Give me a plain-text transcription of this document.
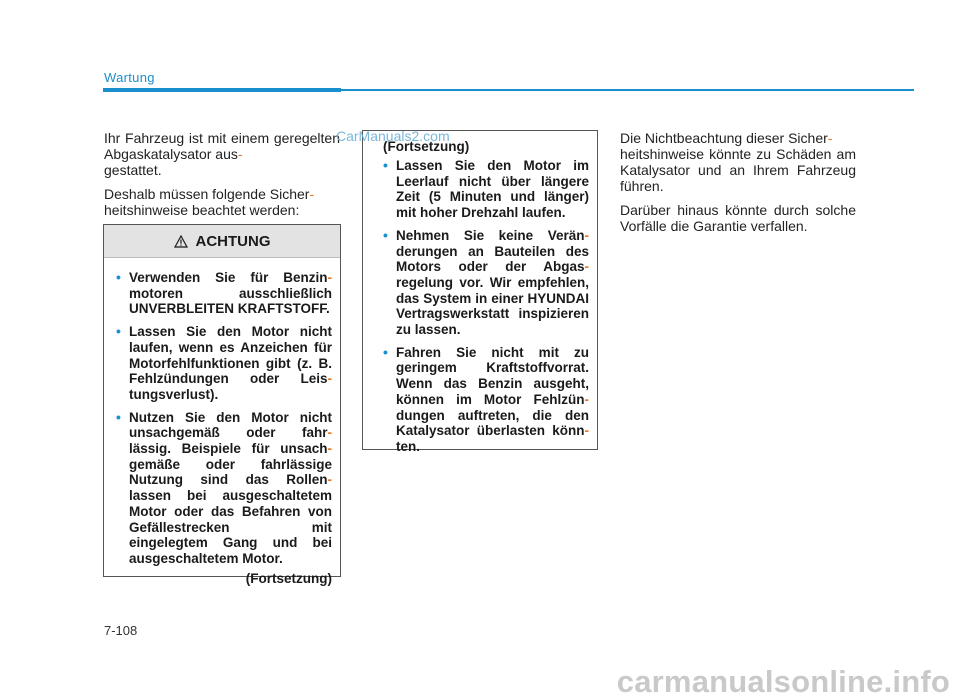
Wartung

Ihr Fahrzeug ist mit einem geregelten Abgaskatalysator aus-
gestattet.

Deshalb müssen folgende Sicher-
heitshinweise beachtet werden:

ACHTUNG
• Verwenden Sie für Benzin- motoren ausschließlich UNVERBLEITEN KRAFTSTOFF.
• Lassen Sie den Motor nicht laufen, wenn es Anzeichen für Motorfehlfunktionen gibt (z. B. Fehlzündungen oder Leis- tungsverlust).
• Nutzen Sie den Motor nicht unsachgemäß oder fahr- lässig. Beispiele für unsach- gemäße oder fahrlässige Nutzung sind das Rollen- lassen bei ausgeschaltetem Motor oder das Befahren von Gefällestrecken mit eingelegtem Gang und bei ausgeschaltetem Motor.
(Fortsetzung)
(Fortsetzung)
• Lassen Sie den Motor im Leerlauf nicht über längere Zeit (5 Minuten und länger) mit hoher Drehzahl laufen.
• Nehmen Sie keine Verän- derungen an Bauteilen des Motors oder der Abgas- regelung vor. Wir empfehlen, das System in einer HYUNDAI Vertragswerkstatt inspizieren zu lassen.
• Fahren Sie nicht mit zu geringem Kraftstoffvorrat. Wenn das Benzin ausgeht, können im Motor Fehlzün- dungen auftreten, die den Katalysator überlasten könn- ten.
CarManuals2.com	Die Nichtbeachtung dieser Sicher-
heitshinweise könnte zu Schäden am Katalysator und an Ihrem Fahrzeug führen.

Darüber hinaus könnte durch solche Vorfälle die Garantie verfallen.

7-108
carmanualsonline.info
